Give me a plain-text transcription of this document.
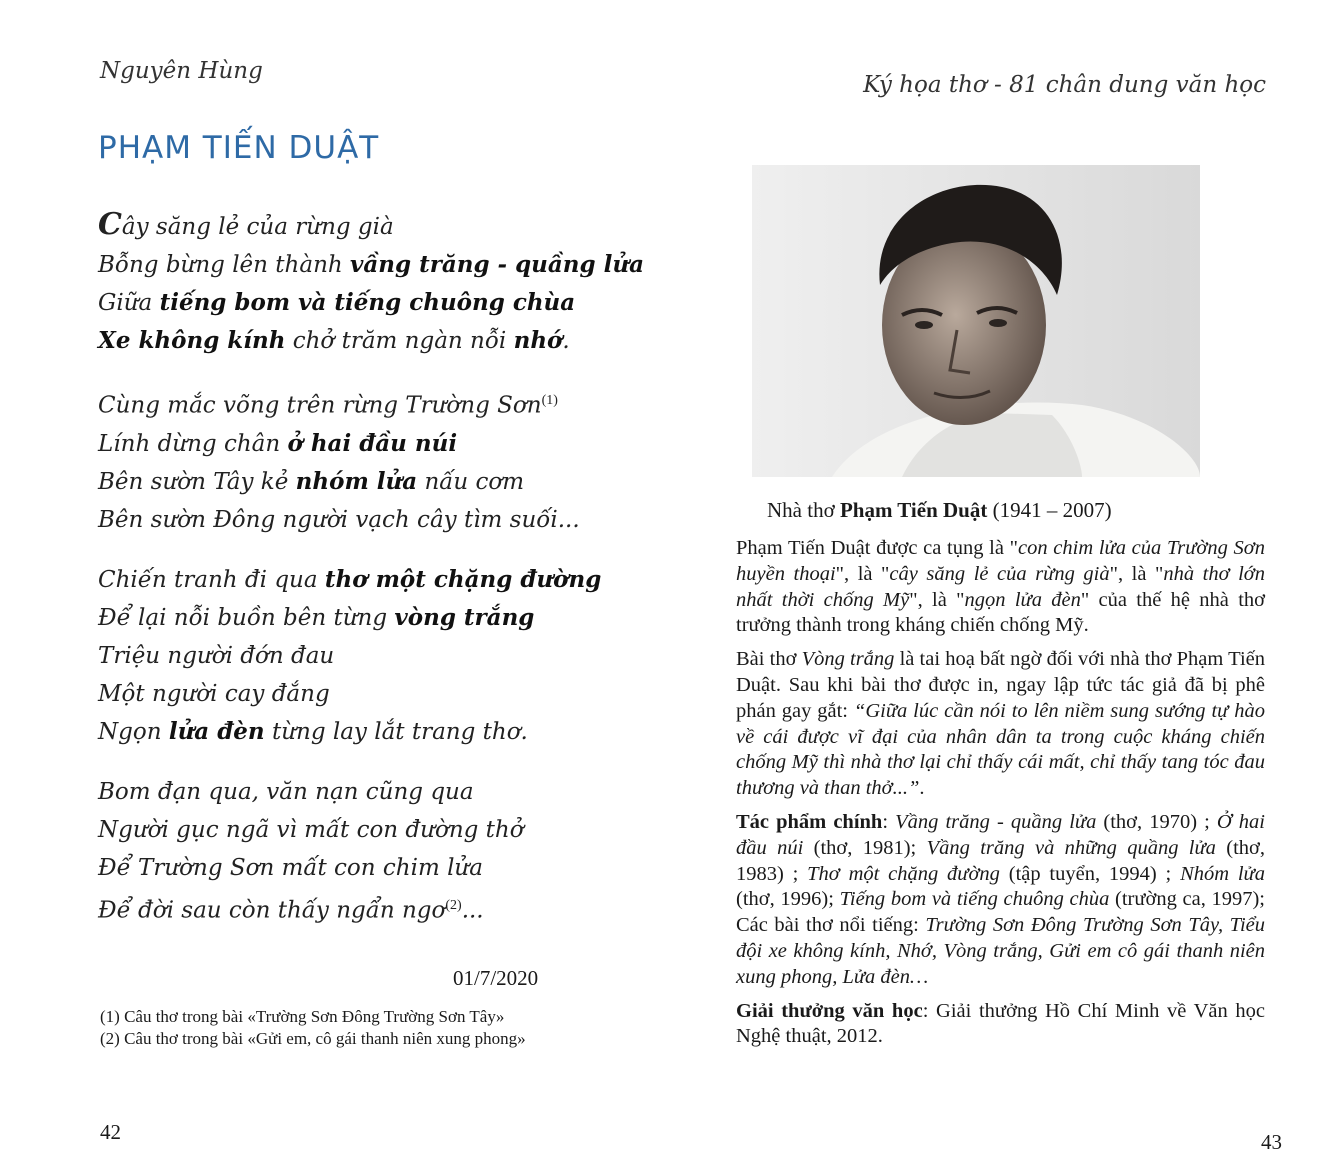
Nguyên Hùng
PHẠM TIẾN DUẬT
Cây săng lẻ của rừng già
Bỗng bừng lên thành vầng trăng - quầng lửa
Giữa tiếng bom và tiếng chuông chùa
Xe không kính chở trăm ngàn nỗi nhớ.
Cùng mắc võng trên rừng Trường Sơn$^{(1)}$
Lính dừng chân ở hai đầu núi
Bên sườn Tây kẻ nhóm lửa nấu cơm
Bên sườn Đông người vạch cây tìm suối...
Chiến tranh đi qua thơ một chặng đường
Để lại nỗi buồn bên từng vòng trắng
Triệu người đớn đau
Một người cay đắng
Ngọn lửa đèn từng lay lắt trang thơ.
Bom đạn qua, văn nạn cũng qua
Người gục ngã vì mất con đường thở
Để Trường Sơn mất con chim lửa
Để đời sau còn thấy ngẩn ngơ$^{(2)}$...
01/7/2020
(1) Câu thơ trong bài «Trường Sơn Đông Trường Sơn Tây»
(2) Câu thơ trong bài «Gửi em, cô gái thanh niên xung phong»
42
Ký họa thơ - 81 chân dung văn học
Nhà thơ Phạm Tiến Duật (1941 – 2007)

Phạm Tiến Duật được ca tụng là "con chim lửa của Trường Sơn huyền thoại", là "cây săng lẻ của rừng già", là "nhà thơ lớn nhất thời chống Mỹ", là "ngọn lửa đèn" của thế hệ nhà thơ trưởng thành trong kháng chiến chống Mỹ.

Bài thơ Vòng trắng là tai hoạ bất ngờ đối với nhà thơ Phạm Tiến Duật. Sau khi bài thơ được in, ngay lập tức tác giả đã bị phê phán gay gắt: “Giữa lúc cần nói to lên niềm sung sướng tự hào về cái được vĩ đại của nhân dân ta trong cuộc kháng chiến chống Mỹ thì nhà thơ lại chỉ thấy cái mất, chỉ thấy tang tóc đau thương và than thở...”.

Tác phẩm chính: Vầng trăng - quầng lửa (thơ, 1970) ; Ở hai đầu núi (thơ, 1981); Vầng trăng và những quầng lửa (thơ, 1983) ; Thơ một chặng đường (tập tuyển, 1994) ; Nhóm lửa (thơ, 1996); Tiếng bom và tiếng chuông chùa (trường ca, 1997); Các bài thơ nổi tiếng: Trường Sơn Đông Trường Sơn Tây, Tiểu đội xe không kính, Nhớ, Vòng trắng, Gửi em cô gái thanh niên xung phong, Lửa đèn…

Giải thưởng văn học: Giải thưởng Hồ Chí Minh về Văn học Nghệ thuật, 2012.

43
